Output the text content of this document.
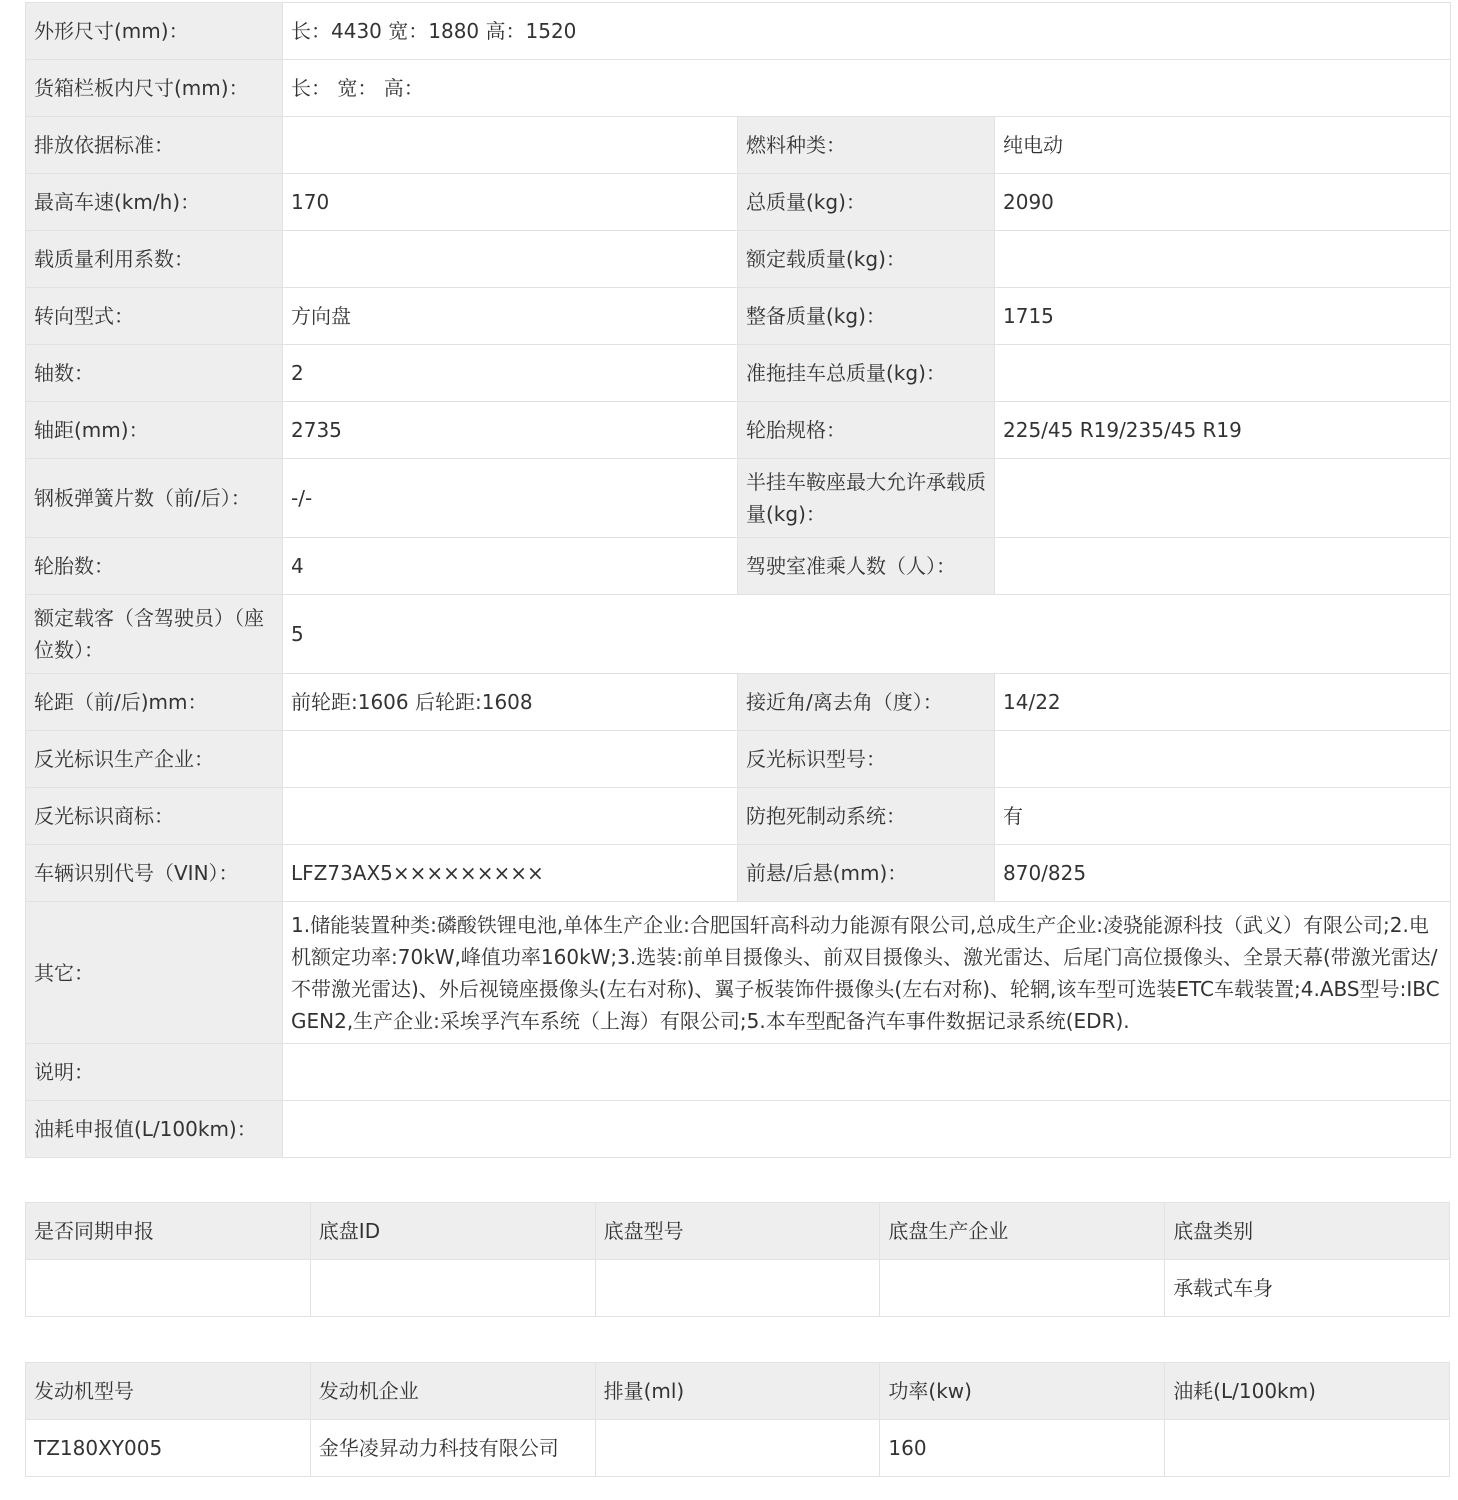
外形尺寸(mm)：	长：4430 宽：1880 高：1520		
货箱栏板内尺寸(mm)：	长： 宽： 高：		
排放依据标准：		燃料种类：	纯电动
最高车速(km/h)：	170	总质量(kg)：	2090
载质量利用系数：		额定载质量(kg)：	
转向型式：	方向盘	整备质量(kg)：	1715
轴数：	2	准拖挂车总质量(kg)：	
轴距(mm)：	2735	轮胎规格：	225/45 R19/235/45 R19
钢板弹簧片数（前/后）：	-/-	半挂车鞍座最大允许承载质量(kg)：	
轮胎数：	4	驾驶室准乘人数（人）：	
额定载客（含驾驶员）（座位数）：	5		
轮距（前/后)mm：	前轮距:1606 后轮距:1608	接近角/离去角（度）：	14/22
反光标识生产企业：		反光标识型号：	
反光标识商标：		防抱死制动系统：	有
车辆识别代号（VIN）：	LFZ73AX5×××××××××	前悬/后悬(mm)：	870/825
其它：	1.储能装置种类:磷酸铁锂电池,单体生产企业:合肥国轩高科动力能源有限公司,总成生产企业:凌骁能源科技（武义）有限公司;2.电机额定功率:70kW,峰值功率160kW;3.选装:前单目摄像头、前双目摄像头、激光雷达、后尾门高位摄像头、全景天幕(带激光雷达/不带激光雷达)、外后视镜座摄像头(左右对称)、翼子板装饰件摄像头(左右对称)、轮辋,该车型可选装ETC车载装置;4.ABS型号:IBC GEN2,生产企业:采埃孚汽车系统（上海）有限公司;5.本车型配备汽车事件数据记录系统(EDR).		
说明：			
油耗申报值(L/100km)：			
是否同期申报	底盘ID	底盘型号	底盘生产企业	底盘类别
				承载式车身
发动机型号	发动机企业	排量(ml)	功率(kw)	油耗(L/100km)
TZ180XY005	金华凌昇动力科技有限公司		160	
